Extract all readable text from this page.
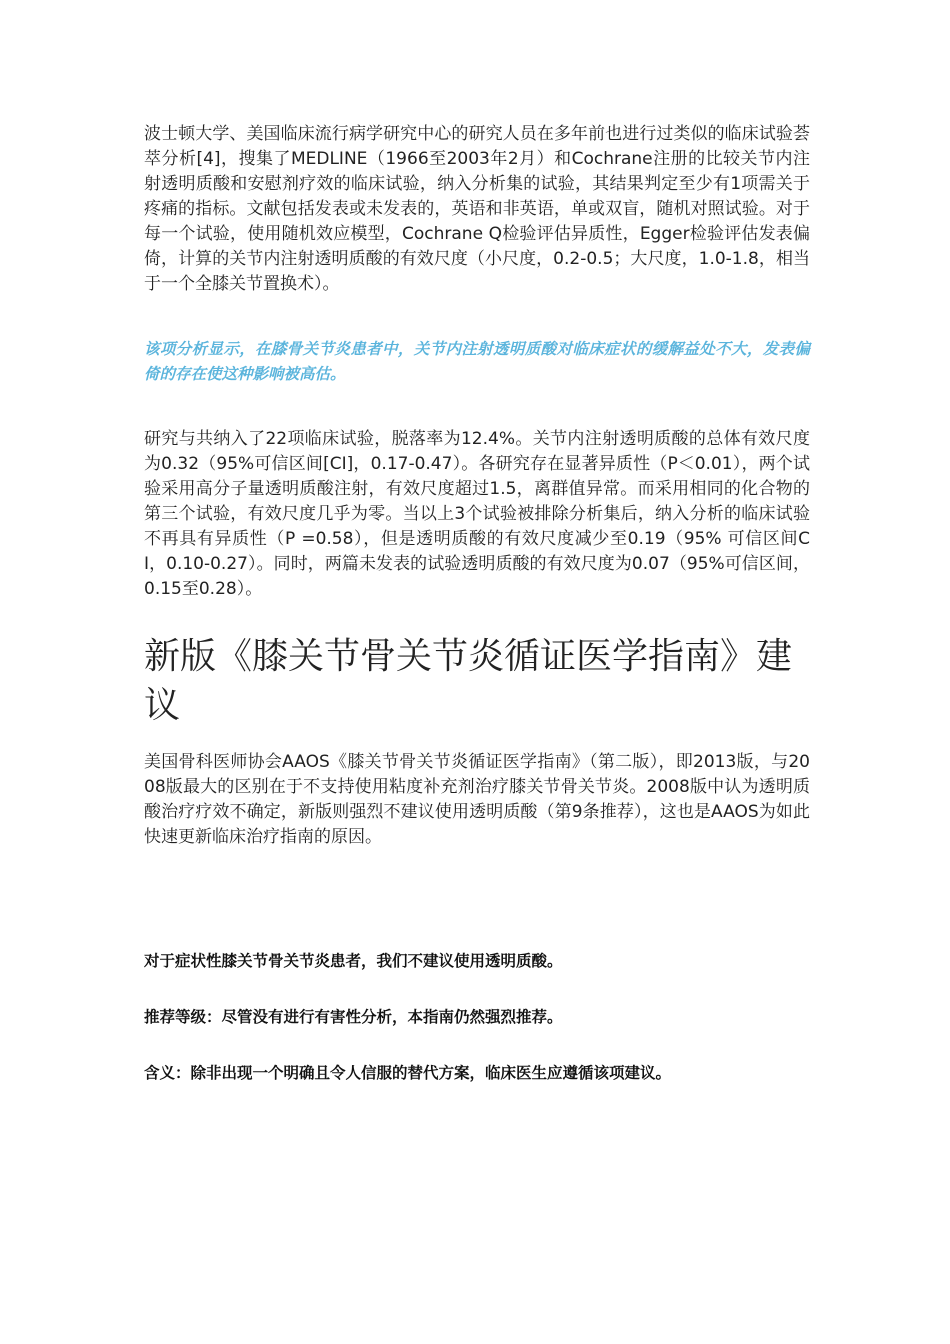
波士顿大学、美国临床流行病学研究中心的研究人员在多年前也进行过类似的临床试验荟萃分析[4]，搜集了MEDLINE（1966至2003年2月）和Cochrane注册的比较关节内注射透明质酸和安慰剂疗效的临床试验，纳入分析集的试验，其结果判定至少有1项需关于疼痛的指标。文献包括发表或未发表的，英语和非英语，单或双盲，随机对照试验。对于每一个试验，使用随机效应模型，Cochrane Q检验评估异质性，Egger检验评估发表偏倚，计算的关节内注射透明质酸的有效尺度（小尺度，0.2-0.5；大尺度，1.0-1.8，相当于一个全膝关节置换术）。

该项分析显示，在膝骨关节炎患者中，关节内注射透明质酸对临床症状的缓解益处不大，发表偏倚的存在使这种影响被高估。

研究与共纳入了22项临床试验，脱落率为12.4%。关节内注射透明质酸的总体有效尺度为0.32（95%可信区间[CI]，0.17-0.47）。各研究存在显著异质性（P＜0.01），两个试验采用高分子量透明质酸注射，有效尺度超过1.5，离群值异常。而采用相同的化合物的第三个试验，有效尺度几乎为零。当以上3个试验被排除分析集后，纳入分析的临床试验不再具有异质性（P =0.58），但是透明质酸的有效尺度减少至0.19（95% 可信区间CI，0.10-0.27）。同时，两篇未发表的试验透明质酸的有效尺度为0.07（95%可信区间，0.15至0.28）。

新版《膝关节骨关节炎循证医学指南》建议

美国骨科医师协会AAOS《膝关节骨关节炎循证医学指南》（第二版），即2013版，与2008版最大的区别在于不支持使用粘度补充剂治疗膝关节骨关节炎。2008版中认为透明质酸治疗疗效不确定，新版则强烈不建议使用透明质酸（第9条推荐），这也是AAOS为如此快速更新临床治疗指南的原因。

对于症状性膝关节骨关节炎患者，我们不建议使用透明质酸。

推荐等级：尽管没有进行有害性分析，本指南仍然强烈推荐。

含义：除非出现一个明确且令人信服的替代方案，临床医生应遵循该项建议。
